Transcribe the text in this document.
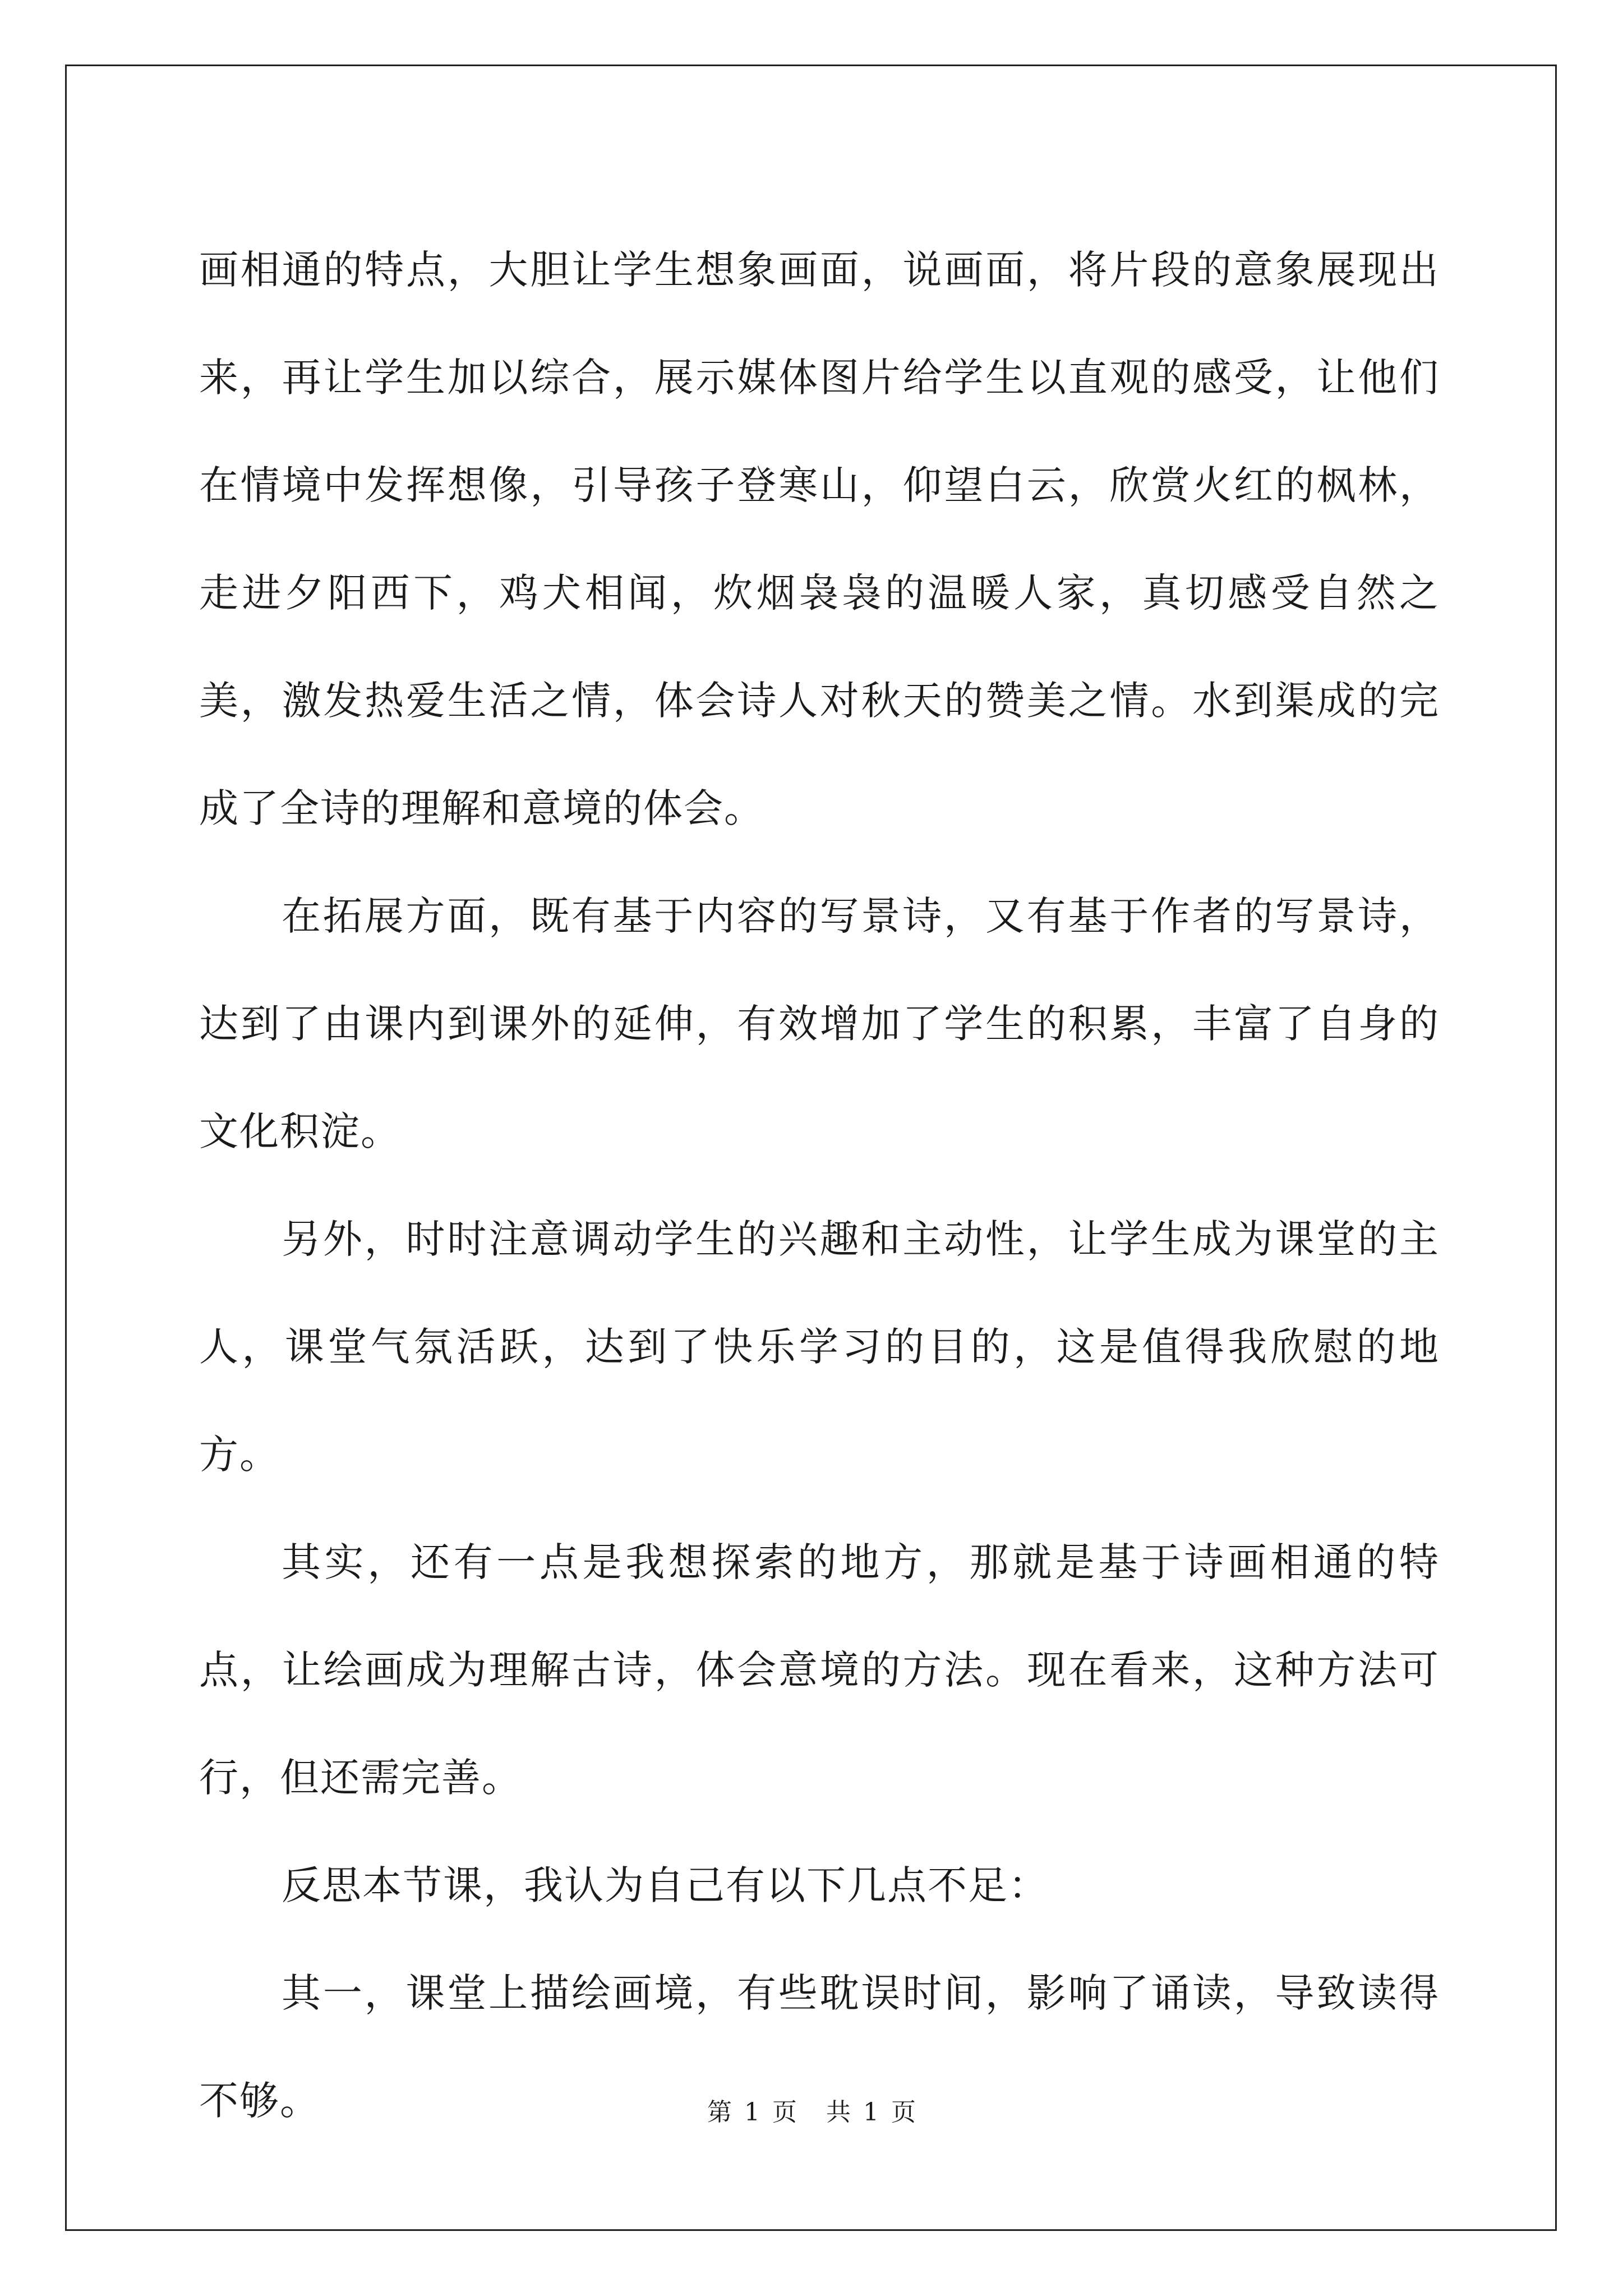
画相通的特点，大胆让学生想象画面，说画面，将片段的意象展现出来，再让学生加以综合，展示媒体图片给学生以直观的感受，让他们在情境中发挥想像，引导孩子登寒山，仰望白云，欣赏火红的枫林，走进夕阳西下，鸡犬相闻，炊烟袅袅的温暖人家，真切感受自然之美，激发热爱生活之情，体会诗人对秋天的赞美之情。水到渠成的完成了全诗的理解和意境的体会。

在拓展方面，既有基于内容的写景诗，又有基于作者的写景诗，达到了由课内到课外的延伸，有效增加了学生的积累，丰富了自身的文化积淀。

另外，时时注意调动学生的兴趣和主动性，让学生成为课堂的主人，课堂气氛活跃，达到了快乐学习的目的，这是值得我欣慰的地方。

其实，还有一点是我想探索的地方，那就是基于诗画相通的特点，让绘画成为理解古诗，体会意境的方法。现在看来，这种方法可行，但还需完善。

反思本节课，我认为自己有以下几点不足：

其一，课堂上描绘画境，有些耽误时间，影响了诵读，导致读得不够。	第 1 页 共 1 页
